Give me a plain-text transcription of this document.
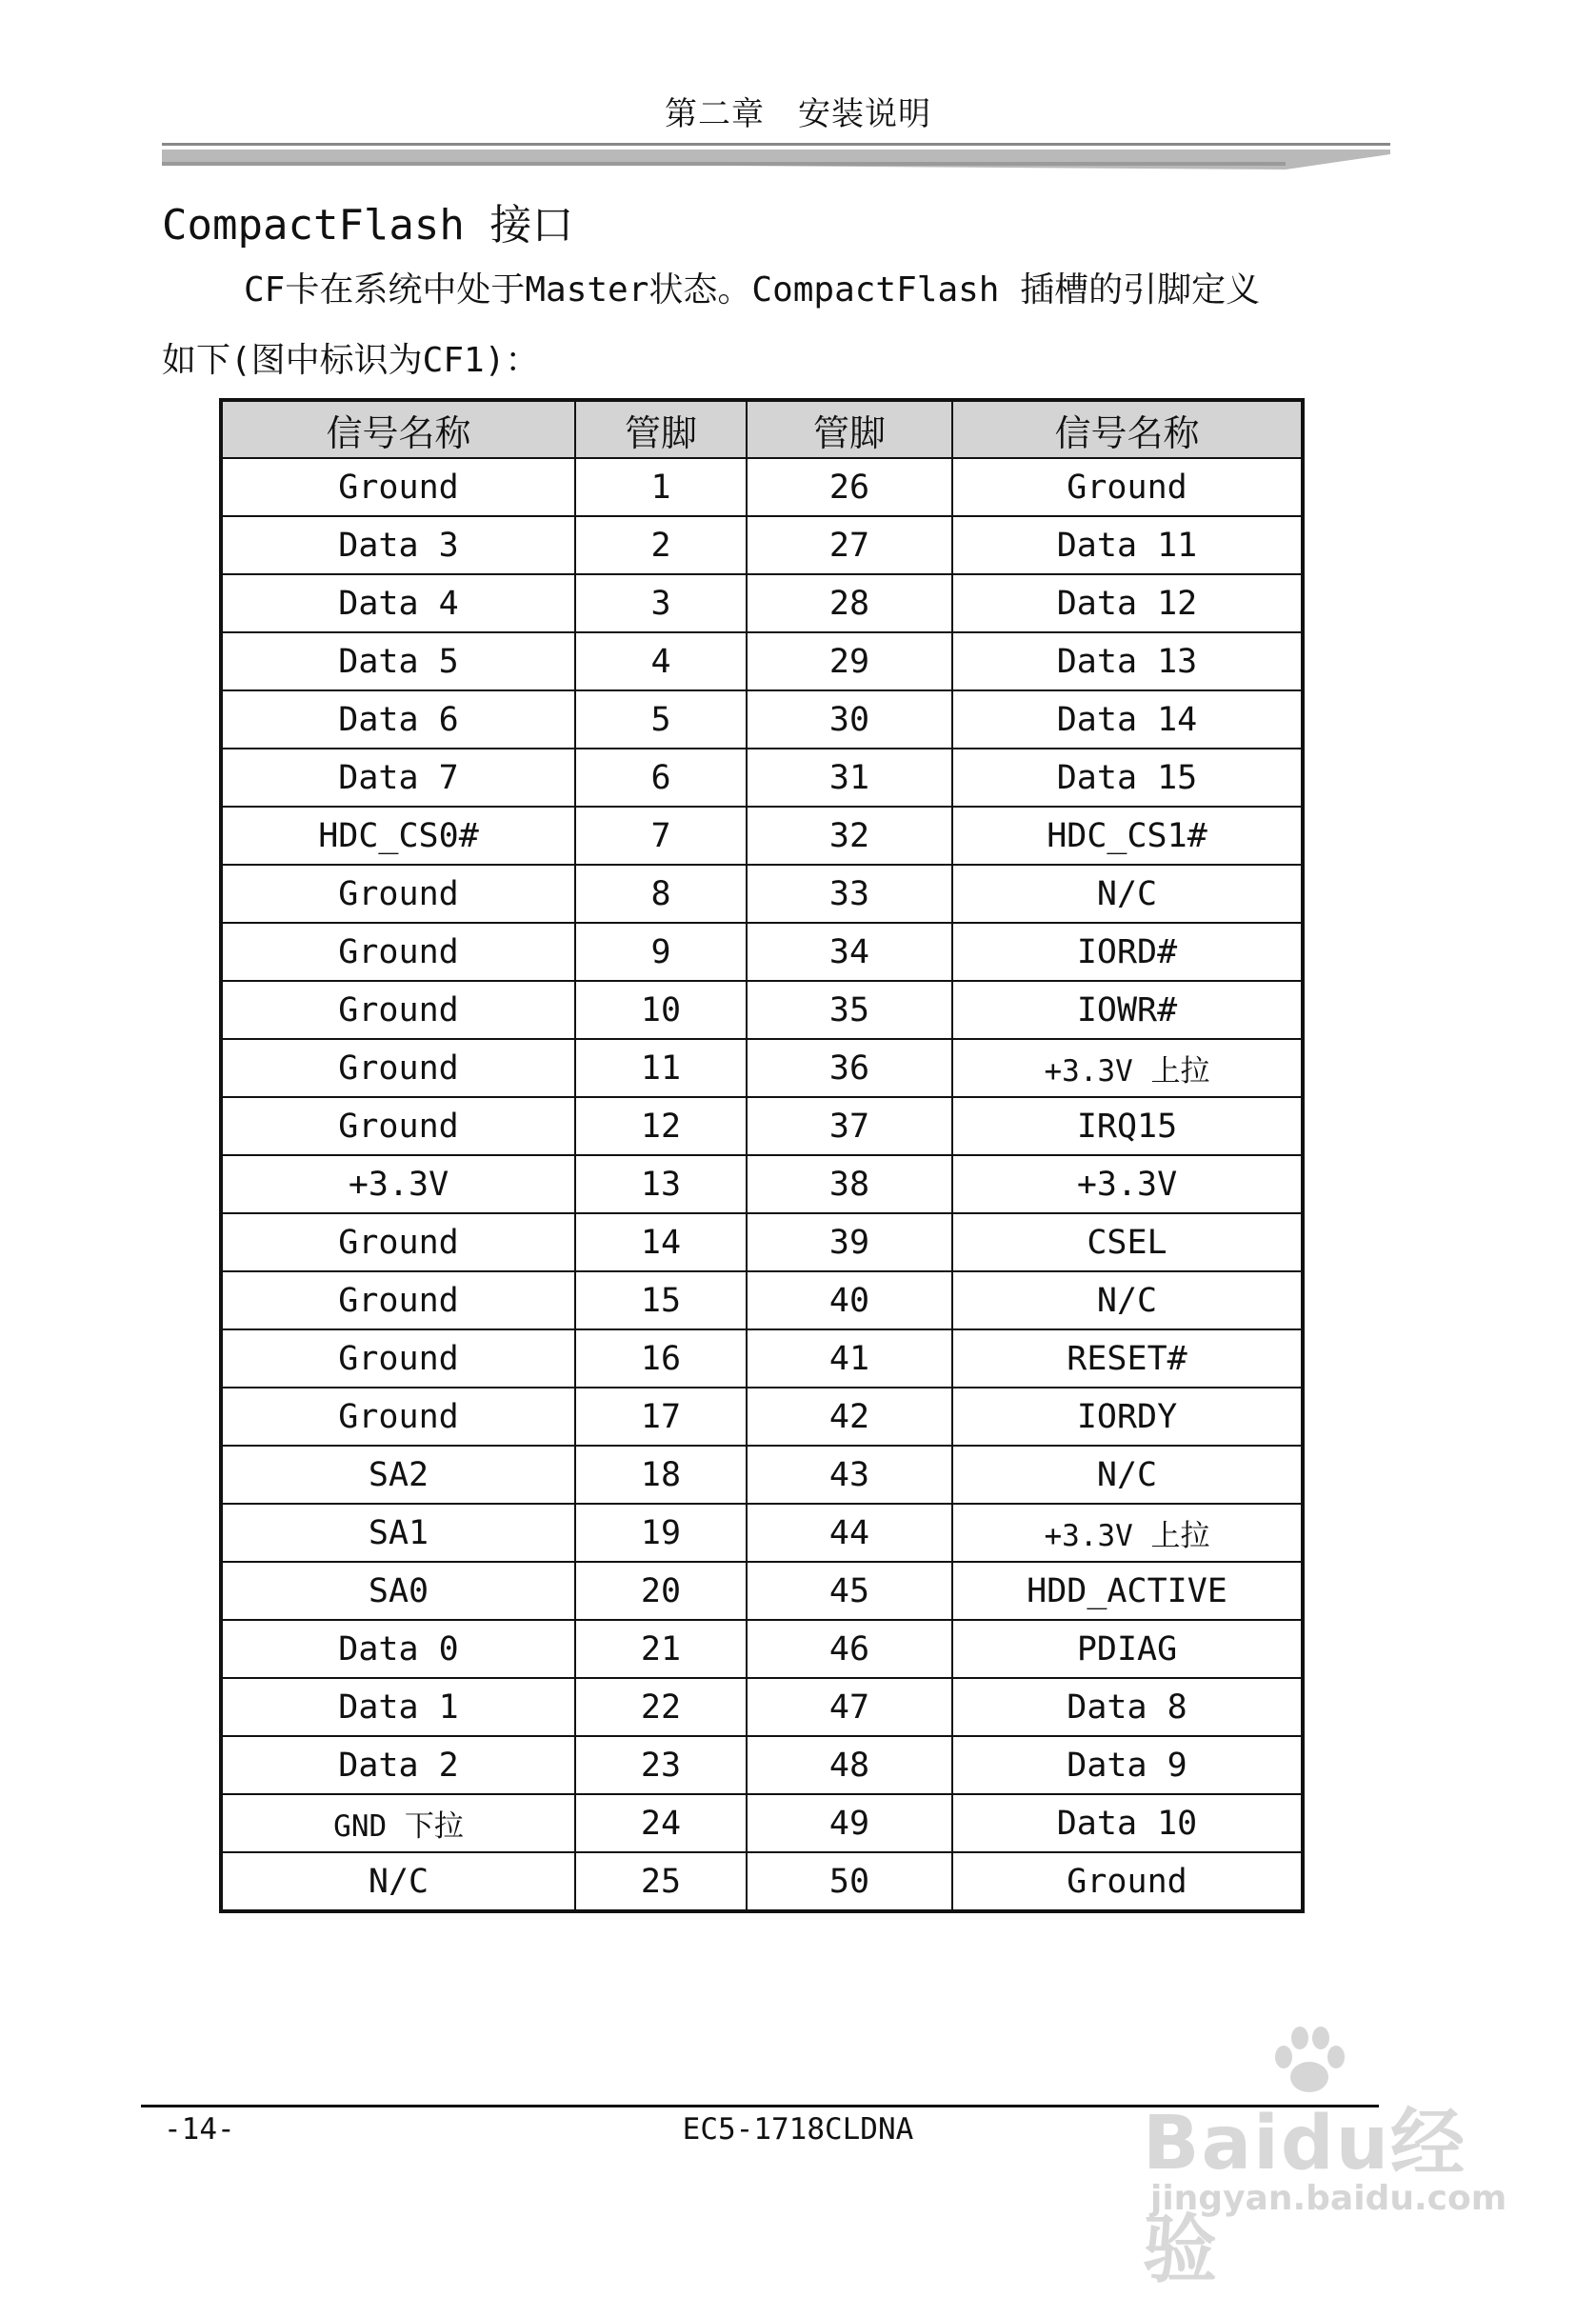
第二章　安装说明
CompactFlash 接口
CF卡在系统中处于Master状态。CompactFlash 插槽的引脚定义
如下(图中标识为CF1)：
信号名称	管脚	管脚	信号名称
Ground	1	26	Ground
Data 3	2	27	Data 11
Data 4	3	28	Data 12
Data 5	4	29	Data 13
Data 6	5	30	Data 14
Data 7	6	31	Data 15
HDC_CS0#	7	32	HDC_CS1#
Ground	8	33	N/C
Ground	9	34	IORD#
Ground	10	35	IOWR#
Ground	11	36	+3.3V 上拉
Ground	12	37	IRQ15
+3.3V	13	38	+3.3V
Ground	14	39	CSEL
Ground	15	40	N/C
Ground	16	41	RESET#
Ground	17	42	IORDY
SA2	18	43	N/C
SA1	19	44	+3.3V 上拉
SA0	20	45	HDD_ACTIVE
Data 0	21	46	PDIAG
Data 1	22	47	Data 8
Data 2	23	48	Data 9
GND 下拉	24	49	Data 10
N/C	25	50	Ground
-14-	EC5-1718CLDNA	Baidu经验
jingyan.baidu.com
